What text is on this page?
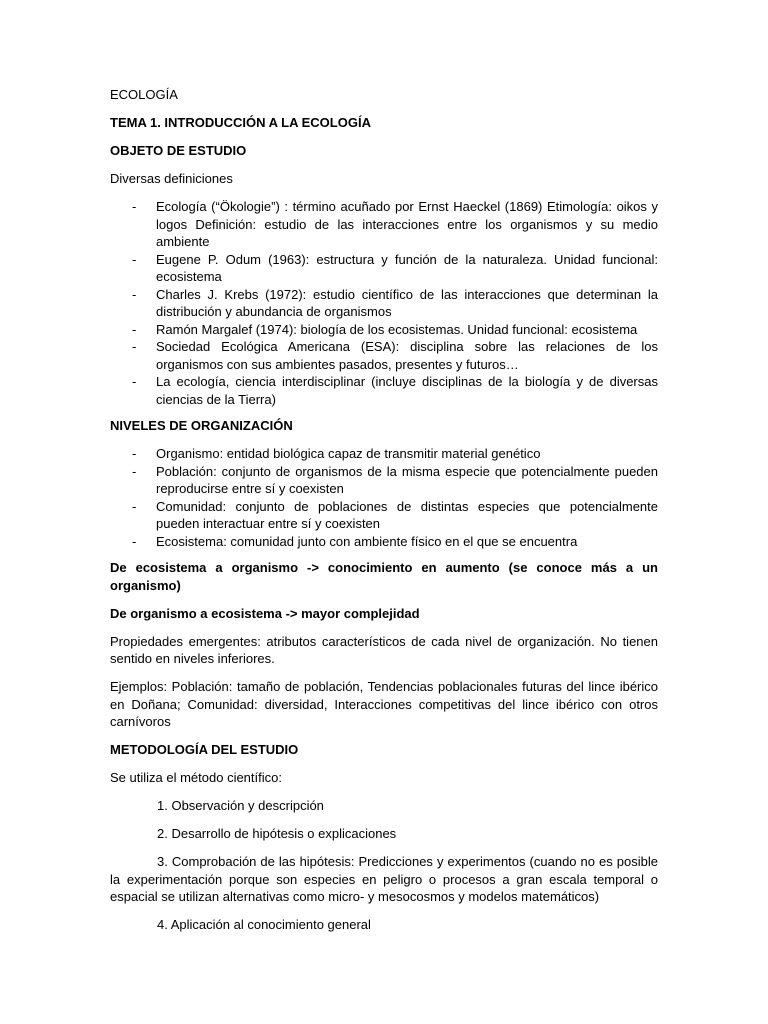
ECOLOGÍA

TEMA 1. INTRODUCCIÓN A LA ECOLOGÍA

OBJETO DE ESTUDIO

Diversas definiciones

- Ecología (“Ökologie”) : término acuñado por Ernst Haeckel (1869) Etimología: oikos y logos Definición: estudio de las interacciones entre los organismos y su medio ambiente
- Eugene P. Odum (1963): estructura y función de la naturaleza. Unidad funcional: ecosistema
- Charles J. Krebs (1972): estudio científico de las interacciones que determinan la distribución y abundancia de organismos
- Ramón Margalef (1974): biología de los ecosistemas. Unidad funcional: ecosistema
- Sociedad Ecológica Americana (ESA): disciplina sobre las relaciones de los organismos con sus ambientes pasados, presentes y futuros…
- La ecología, ciencia interdisciplinar (incluye disciplinas de la biología y de diversas ciencias de la Tierra)

NIVELES DE ORGANIZACIÓN

- Organismo: entidad biológica capaz de transmitir material genético
- Población: conjunto de organismos de la misma especie que potencialmente pueden reproducirse entre sí y coexisten
- Comunidad: conjunto de poblaciones de distintas especies que potencialmente pueden interactuar entre sí y coexisten
- Ecosistema: comunidad junto con ambiente físico en el que se encuentra

De ecosistema a organismo -> conocimiento en aumento (se conoce más a un organismo)

De organismo a ecosistema -> mayor complejidad

Propiedades emergentes: atributos característicos de cada nivel de organización. No tienen sentido en niveles inferiores.

Ejemplos: Población: tamaño de población, Tendencias poblacionales futuras del lince ibérico en Doñana; Comunidad: diversidad, Interacciones competitivas del lince ibérico con otros carnívoros

METODOLOGÍA DEL ESTUDIO

Se utiliza el método científico:

1. Observación y descripción

2. Desarrollo de hipótesis o explicaciones

3. Comprobación de las hipótesis: Predicciones y experimentos (cuando no es posible la experimentación porque son especies en peligro o procesos a gran escala temporal o espacial se utilizan alternativas como micro- y mesocosmos y modelos matemáticos)

4. Aplicación al conocimiento general
